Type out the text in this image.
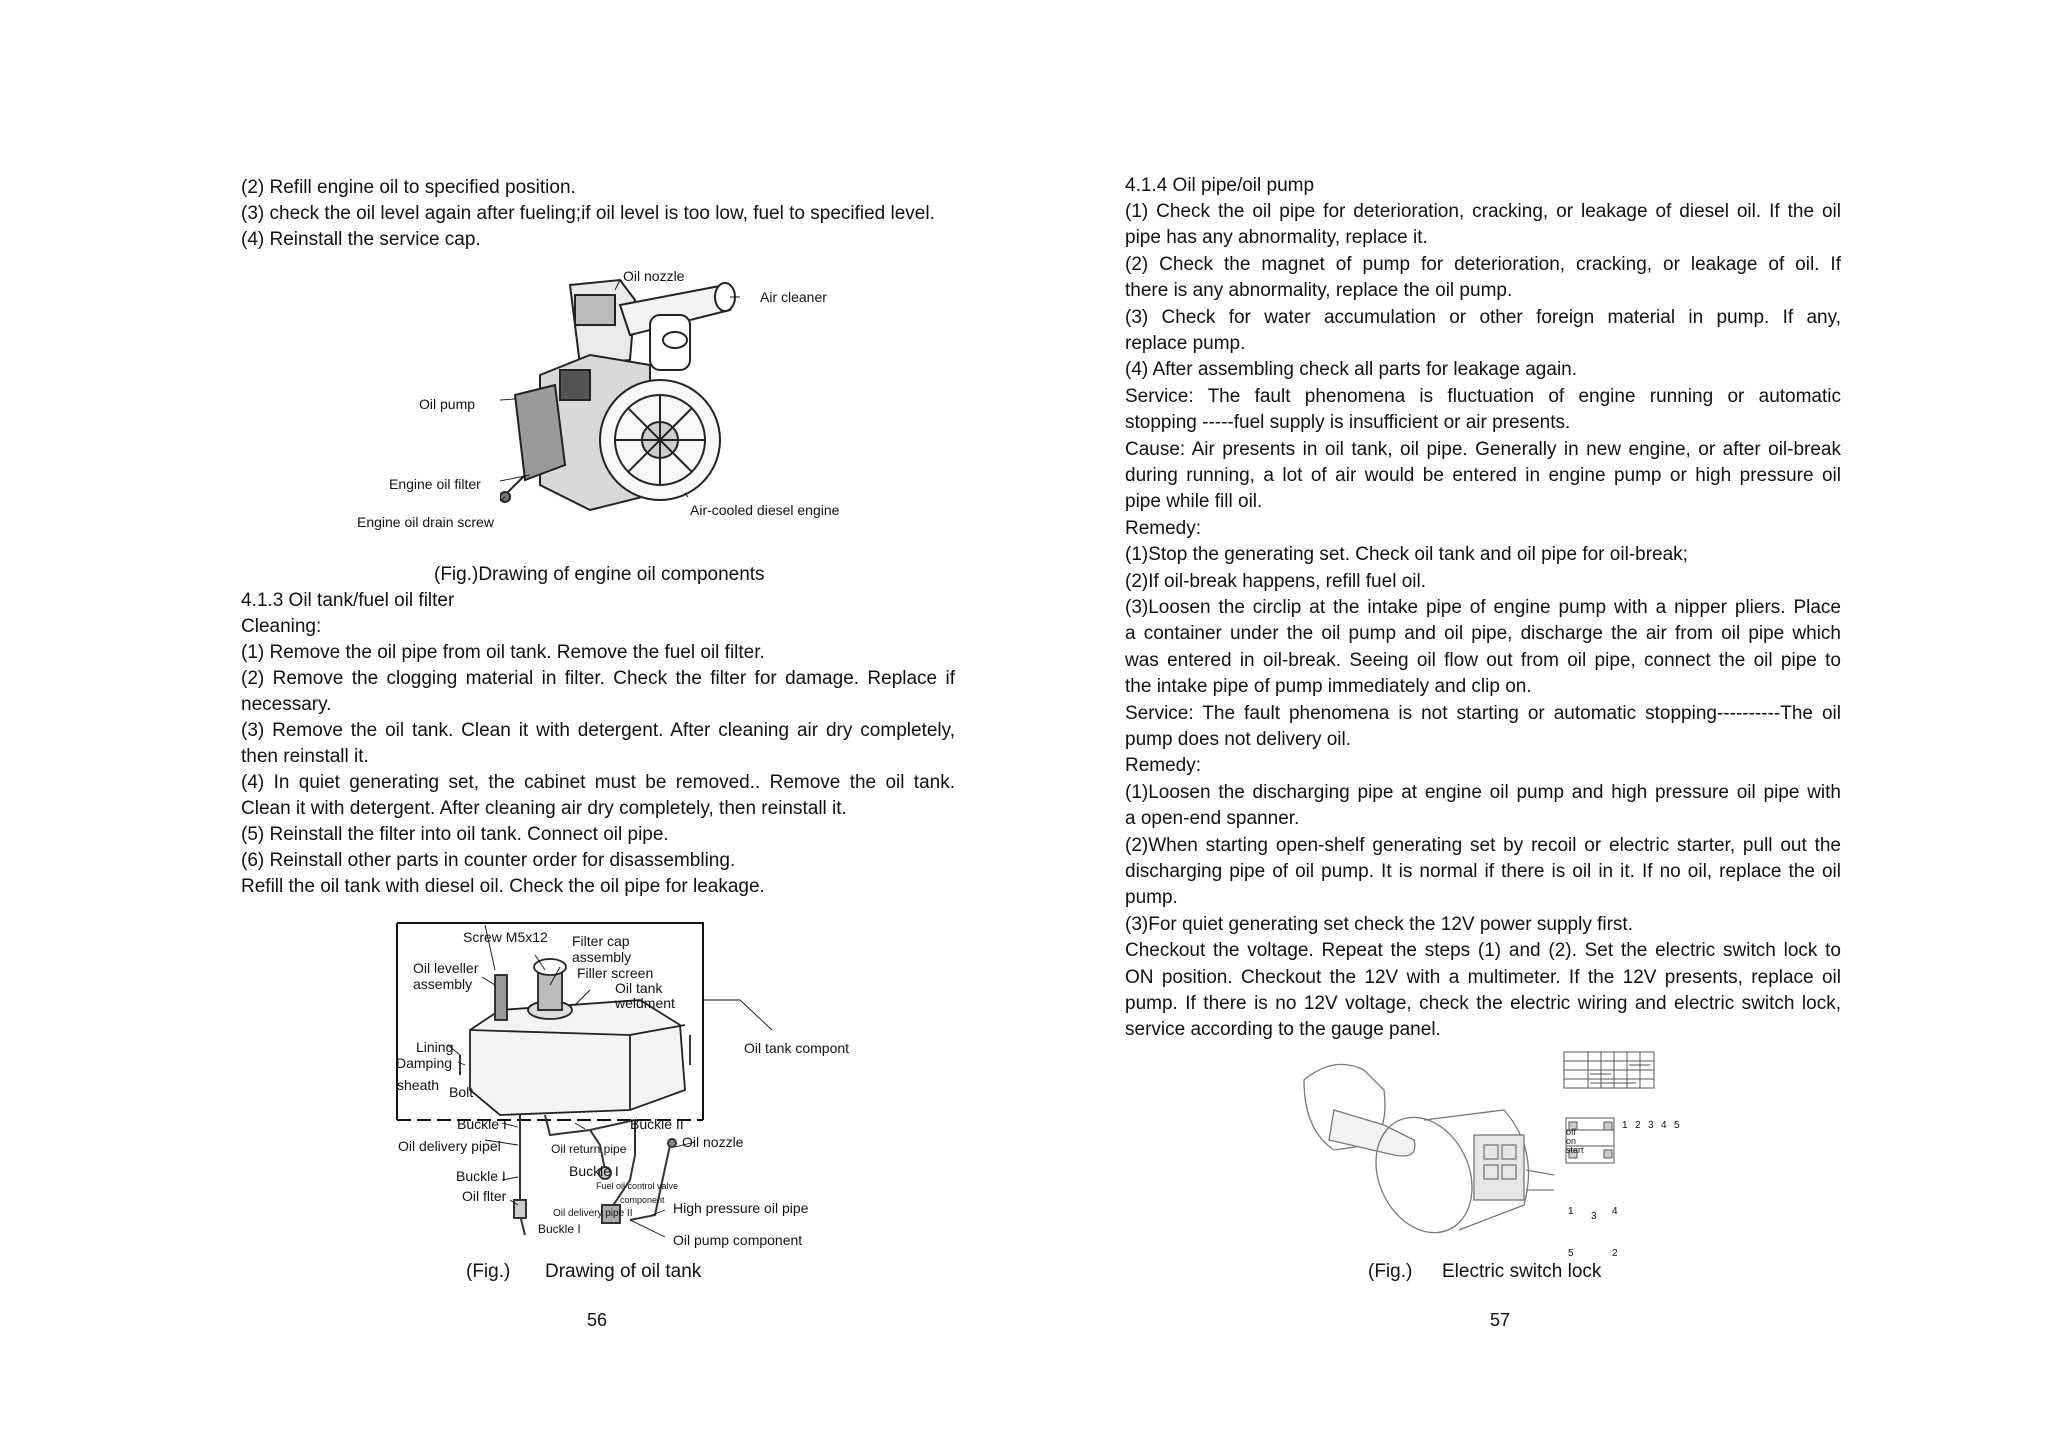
(2) Refill engine oil to specified position.
(3) check the oil level again after fueling;if oil level is too low, fuel to specified level.
(4) Reinstall the service cap.
Oil nozzle
Air cleaner
Oil pump
Engine oil filter
Engine oil drain screw
Air-cooled diesel engine
(Fig.)Drawing of engine oil components
4.1.3 Oil tank/fuel oil filter
Cleaning:
(1) Remove the oil pipe from oil tank. Remove the fuel oil filter.
(2) Remove the clogging material in filter. Check the filter for damage. Replace if
necessary.
(3) Remove the oil tank. Clean it with detergent. After cleaning air dry completely,
then reinstall it.
(4) In quiet generating set, the cabinet must be removed.. Remove the oil tank.
Clean it with detergent. After cleaning air dry completely, then reinstall it.
(5) Reinstall the filter into oil tank. Connect oil pipe.
(6) Reinstall other parts in counter order for disassembling.
Refill the oil tank with diesel oil. Check the oil pipe for leakage.
Screw M5x12 Filter cap
assembly
Oil leveller
assembly
Filler screen
Oil tank
weldment
Oil tank compont
Lining
Damping
sheath Bolt
Buckle I	Buckle II
Oil delivery pipel	Oil return pipe	Oil nozzle
Buckle I
Buckle I
Fuel oil control valve
component
Oil flter
Oil delivery pipe II	High pressure oil pipe
Buckle I
Oil pump component
(Fig.) Drawing of oil tank
56
4.1.4 Oil pipe/oil pump
(1) Check the oil pipe for deterioration, cracking, or leakage of diesel oil. If the oil
pipe has any abnormality, replace it.
(2) Check the magnet of pump for deterioration, cracking, or leakage of oil. If
there is any abnormality, replace the oil pump.
(3) Check for water accumulation or other foreign material in pump. If any,
replace pump.
(4) After assembling check all parts for leakage again.
Service: The fault phenomena is fluctuation of engine running or automatic
stopping -----fuel supply is insufficient or air presents.
Cause: Air presents in oil tank, oil pipe. Generally in new engine, or after oil-break
during running, a lot of air would be entered in engine pump or high pressure oil
pipe while fill oil.
Remedy:
(1)Stop the generating set. Check oil tank and oil pipe for oil-break;
(2)If oil-break happens, refill fuel oil.
(3)Loosen the circlip at the intake pipe of engine pump with a nipper pliers. Place
a container under the oil pump and oil pipe, discharge the air from oil pipe which
was entered in oil-break. Seeing oil flow out from oil pipe, connect the oil pipe to
the intake pipe of pump immediately and clip on.
Service: The fault phenomena is not starting or automatic stopping----------The oil
pump does not delivery oil.
Remedy:
(1)Loosen the discharging pipe at engine oil pump and high pressure oil pipe with
a open-end spanner.
(2)When starting open-shelf generating set by recoil or electric starter, pull out the
discharging pipe of oil pump. It is normal if there is oil in it. If no oil, replace the oil
pump.
(3)For quiet generating set check the 12V power supply first.
Checkout the voltage. Repeat the steps (1) and (2). Set the electric switch lock to
ON position. Checkout the 12V with a multimeter. If the 12V presents, replace oil
pump. If there is no 12V voltage, check the electric wiring and electric switch lock,
service according to the gauge panel.
1 2 3 4 5
off
on
start
1 3 4
5	2
(Fig.) Electric switch lock
57
